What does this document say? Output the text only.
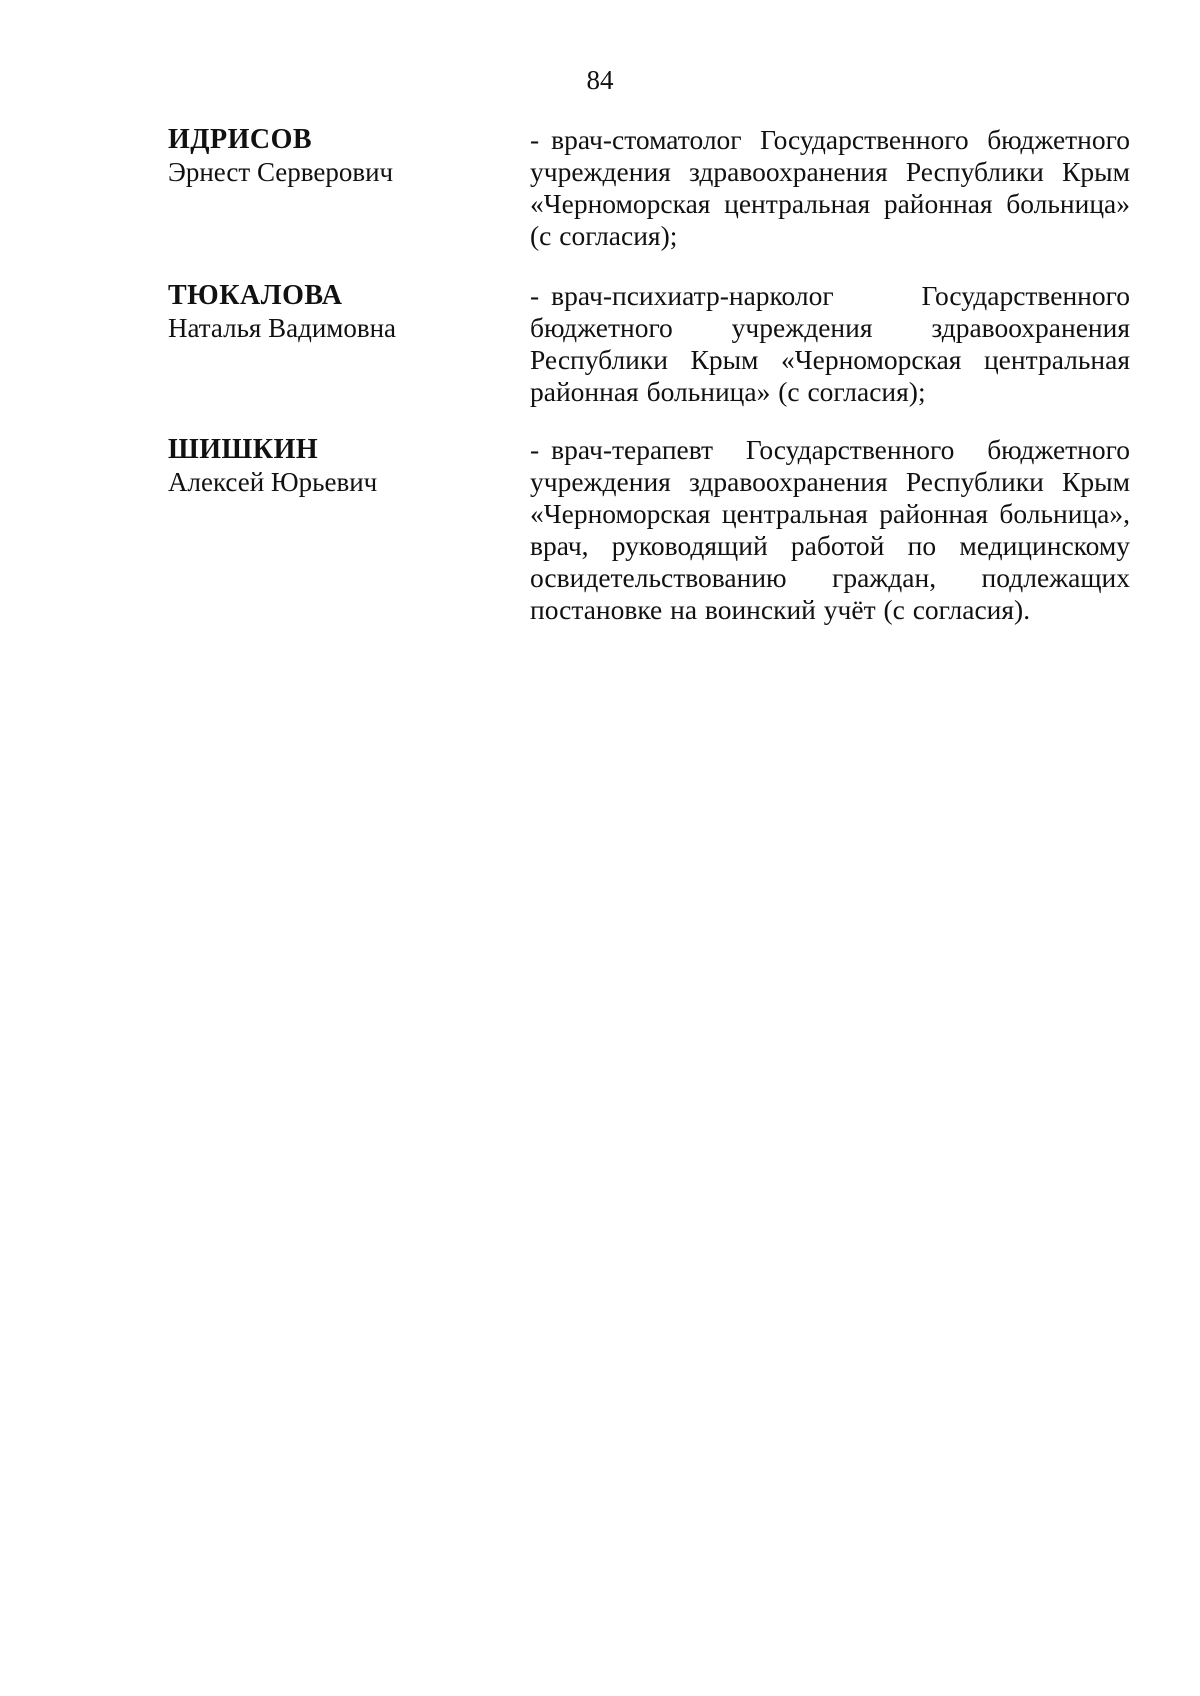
84
ИДРИСОВ
Эрнест Серверович
- врач-стоматолог Государственного бюджетного учреждения здравоохранения Республики Крым «Черноморская центральная районная больница» (с согласия);
ТЮКАЛОВА
Наталья Вадимовна
- врач-психиатр-нарколог Государственного бюджетного учреждения здравоохранения Республики Крым «Черноморская центральная районная больница» (с согласия);
ШИШКИН
Алексей Юрьевич
- врач-терапевт Государственного бюджетного учреждения здравоохранения Республики Крым «Черноморская центральная районная больница», врач, руководящий работой по медицинскому освидетельствованию граждан, подлежащих постановке на воинский учёт (с согласия).
